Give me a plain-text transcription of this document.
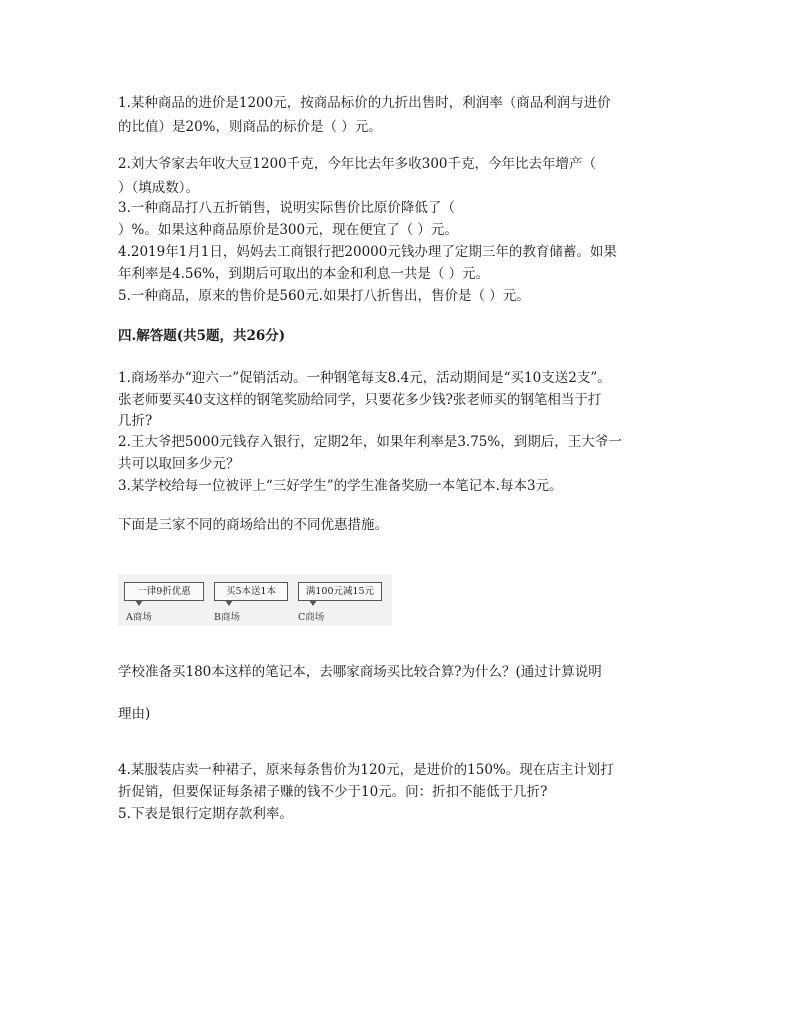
1.某种商品的进价是1200元，按商品标价的九折出售时，利润率（商品利润与进价
的比值）是20%，则商品的标价是（ ）元。
2.刘大爷家去年收大豆1200千克，今年比去年多收300千克，今年比去年增产（
）（填成数）。
3.一种商品打八五折销售，说明实际售价比原价降低了（
）%。如果这种商品原价是300元，现在便宜了（ ）元。
4.2019年1月1日，妈妈去工商银行把20000元钱办理了定期三年的教育储蓄。如果
年利率是4.56%，到期后可取出的本金和利息一共是（ ）元。
5.一种商品，原来的售价是560元.如果打八折售出，售价是（ ）元。
四.解答题(共5题，共26分)
1.商场举办“迎六一”促销活动。一种钢笔每支8.4元，活动期间是“买10支送2支”。
张老师要买40支这样的钢笔奖励给同学，只要花多少钱?张老师买的钢笔相当于打
几折?
2.王大爷把5000元钱存入银行，定期2年，如果年利率是3.75%，到期后，王大爷一
共可以取回多少元？
3.某学校给每一位被评上“三好学生”的学生准备奖励一本笔记本.每本3元。
下面是三家不同的商场给出的不同优惠措施。
一律9折优惠	买5本送1本	满100元减15元
A商场	B商场	C商场
学校准备买180本这样的笔记本，去哪家商场买比较合算?为什么？(通过计算说明
理由)
4.某服装店卖一种裙子，原来每条售价为120元，是进价的150%。现在店主计划打
折促销，但要保证每条裙子赚的钱不少于10元。问：折扣不能低于几折?
5.下表是银行定期存款利率。
